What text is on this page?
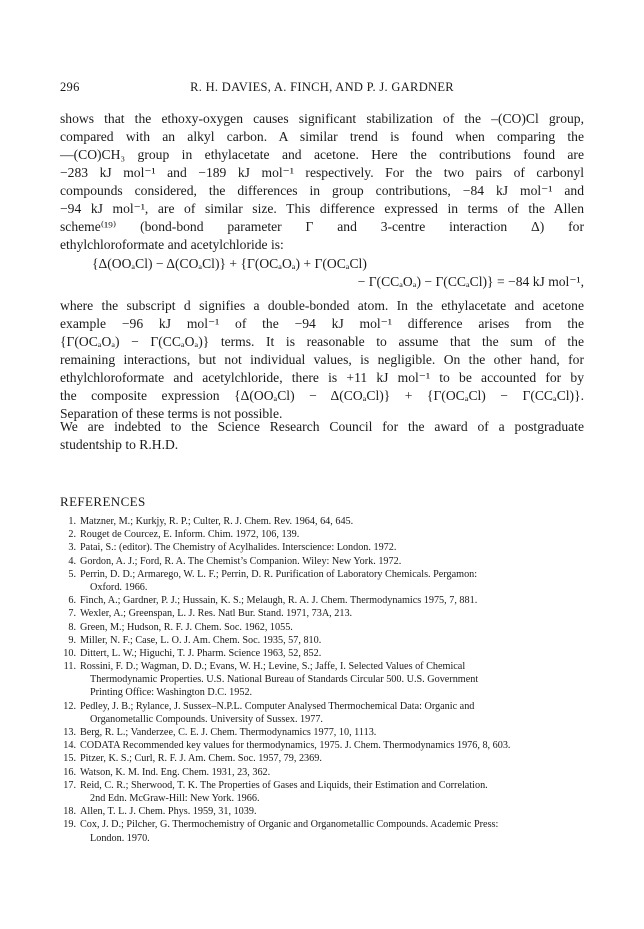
296	R. H. DAVIES, A. FINCH, AND P. J. GARDNER
shows that the ethoxy-oxygen causes significant stabilization of the –(CO)Cl group,
compared with an alkyl carbon. A similar trend is found when comparing the
—(CO)CH₃ group in ethylacetate and acetone. Here the contributions found are
−283 kJ mol⁻¹ and −189 kJ mol⁻¹ respectively. For the two pairs of carbonyl
compounds considered, the differences in group contributions, −84 kJ mol⁻¹ and
−94 kJ mol⁻¹, are of similar size. This difference expressed in terms of the Allen
scheme⁽¹⁹⁾ (bond-bond parameter Γ and 3-centre interaction Δ) for
ethylchloroformate and acetylchloride is:
{Δ(OOₐCl) − Δ(COₐCl)} + {Γ(OCₐOₐ) + Γ(OCₐCl)
− Γ(CCₐOₐ) − Γ(CCₐCl)} = −84 kJ mol⁻¹,
where the subscript d signifies a double-bonded atom. In the ethylacetate and acetone
example −96 kJ mol⁻¹ of the −94 kJ mol⁻¹ difference arises from the
{Γ(OCₐOₐ) − Γ(CCₐOₐ)} terms. It is reasonable to assume that the sum of the
remaining interactions, but not individual values, is negligible. On the other hand, for
ethylchloroformate and acetylchloride, there is +11 kJ mol⁻¹ to be accounted for by
the composite expression {Δ(OOₐCl) − Δ(COₐCl)} + {Γ(OCₐCl) − Γ(CCₐCl)}.
Separation of these terms is not possible.
We are indebted to the Science Research Council for the award of a postgraduate
studentship to R.H.D.
REFERENCES
1. Matzner, M.; Kurkjy, R. P.; Culter, R. J. Chem. Rev. 1964, 64, 645.
2. Rouget de Courcez, E. Inform. Chim. 1972, 106, 139.
3. Patai, S.: (editor). The Chemistry of Acylhalides. Interscience: London. 1972.
4. Gordon, A. J.; Ford, R. A. The Chemist’s Companion. Wiley: New York. 1972.
5. Perrin, D. D.; Armarego, W. L. F.; Perrin, D. R. Purification of Laboratory Chemicals. Pergamon:
Oxford. 1966.
6. Finch, A.; Gardner, P. J.; Hussain, K. S.; Melaugh, R. A. J. Chem. Thermodynamics 1975, 7, 881.
7. Wexler, A.; Greenspan, L. J. Res. Natl Bur. Stand. 1971, 73A, 213.
8. Green, M.; Hudson, R. F. J. Chem. Soc. 1962, 1055.
9. Miller, N. F.; Case, L. O. J. Am. Chem. Soc. 1935, 57, 810.
10. Dittert, L. W.; Higuchi, T. J. Pharm. Science 1963, 52, 852.
11. Rossini, F. D.; Wagman, D. D.; Evans, W. H.; Levine, S.; Jaffe, I. Selected Values of Chemical
Thermodynamic Properties. U.S. National Bureau of Standards Circular 500. U.S. Government
Printing Office: Washington D.C. 1952.
12. Pedley, J. B.; Rylance, J. Sussex–N.P.L. Computer Analysed Thermochemical Data: Organic and
Organometallic Compounds. University of Sussex. 1977.
13. Berg, R. L.; Vanderzee, C. E. J. Chem. Thermodynamics 1977, 10, 1113.
14. CODATA Recommended key values for thermodynamics, 1975. J. Chem. Thermodynamics 1976, 8, 603.
15. Pitzer, K. S.; Curl, R. F. J. Am. Chem. Soc. 1957, 79, 2369.
16. Watson, K. M. Ind. Eng. Chem. 1931, 23, 362.
17. Reid, C. R.; Sherwood, T. K. The Properties of Gases and Liquids, their Estimation and Correlation.
2nd Edn. McGraw-Hill: New York. 1966.
18. Allen, T. L. J. Chem. Phys. 1959, 31, 1039.
19. Cox, J. D.; Pilcher, G. Thermochemistry of Organic and Organometallic Compounds. Academic Press:
London. 1970.
